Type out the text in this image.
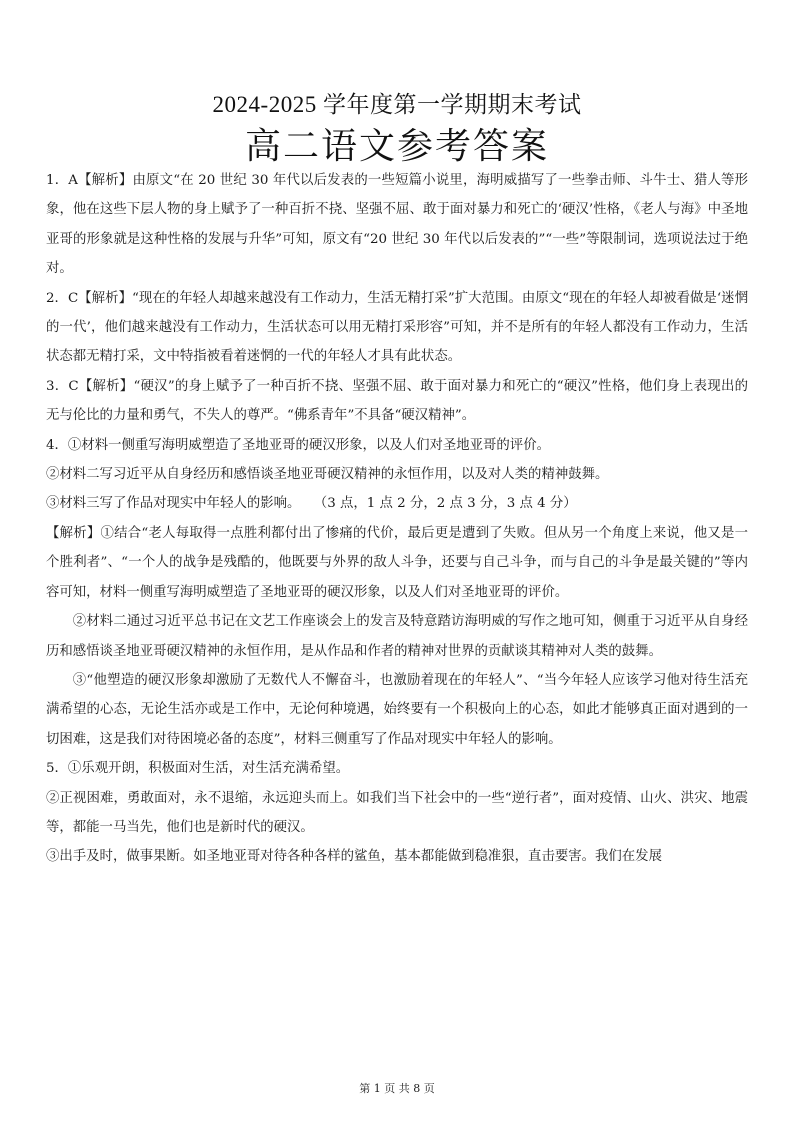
2024-2025 学年度第一学期期末考试
高二语文参考答案

1．A【解析】由原文“在 20 世纪 30 年代以后发表的一些短篇小说里，海明威描写了一些拳击师、斗牛士、猎人等形象，他在这些下层人物的身上赋予了一种百折不挠、坚强不屈、敢于面对暴力和死亡的‘硬汉’性格，《老人与海》中圣地亚哥的形象就是这种性格的发展与升华”可知，原文有“20 世纪 30 年代以后发表的”“一些”等限制词，选项说法过于绝对。

2．C【解析】“现在的年轻人却越来越没有工作动力，生活无精打采”扩大范围。由原文“现在的年轻人却被看做是‘迷惘的一代’，他们越来越没有工作动力，生活状态可以用无精打采形容”可知，并不是所有的年轻人都没有工作动力，生活状态都无精打采，文中特指被看着迷惘的一代的年轻人才具有此状态。

3．C【解析】“硬汉”的身上赋予了一种百折不挠、坚强不屈、敢于面对暴力和死亡的“硬汉”性格，他们身上表现出的无与伦比的力量和勇气，不失人的尊严。“佛系青年”不具备“硬汉精神”。

4．①材料一侧重写海明威塑造了圣地亚哥的硬汉形象，以及人们对圣地亚哥的评价。

②材料二写习近平从自身经历和感悟谈圣地亚哥硬汉精神的永恒作用，以及对人类的精神鼓舞。

③材料三写了作品对现实中年轻人的影响。　　（3 点，1 点 2 分，2 点 3 分，3 点 4 分）

【解析】①结合“老人每取得一点胜利都付出了惨痛的代价，最后更是遭到了失败。但从另一个角度上来说，他又是一个胜利者”、“一个人的战争是残酷的，他既要与外界的敌人斗争，还要与自己斗争，而与自己的斗争是最关键的”等内容可知，材料一侧重写海明威塑造了圣地亚哥的硬汉形象，以及人们对圣地亚哥的评价。

②材料二通过习近平总书记在文艺工作座谈会上的发言及特意踏访海明威的写作之地可知，侧重于习近平从自身经历和感悟谈圣地亚哥硬汉精神的永恒作用，是从作品和作者的精神对世界的贡献谈其精神对人类的鼓舞。

③“他塑造的硬汉形象却激励了无数代人不懈奋斗，也激励着现在的年轻人”、“当今年轻人应该学习他对待生活充满希望的心态，无论生活亦或是工作中，无论何种境遇，始终要有一个积极向上的心态，如此才能够真正面对遇到的一切困难，这是我们对待困境必备的态度”，材料三侧重写了作品对现实中年轻人的影响。

5．①乐观开朗，积极面对生活，对生活充满希望。

②正视困难，勇敢面对，永不退缩，永远迎头而上。如我们当下社会中的一些“逆行者”，面对疫情、山火、洪灾、地震等，都能一马当先，他们也是新时代的硬汉。

③出手及时，做事果断。如圣地亚哥对待各种各样的鲨鱼，基本都能做到稳准狠，直击要害。我们在发展

第 1 页 共 8 页
